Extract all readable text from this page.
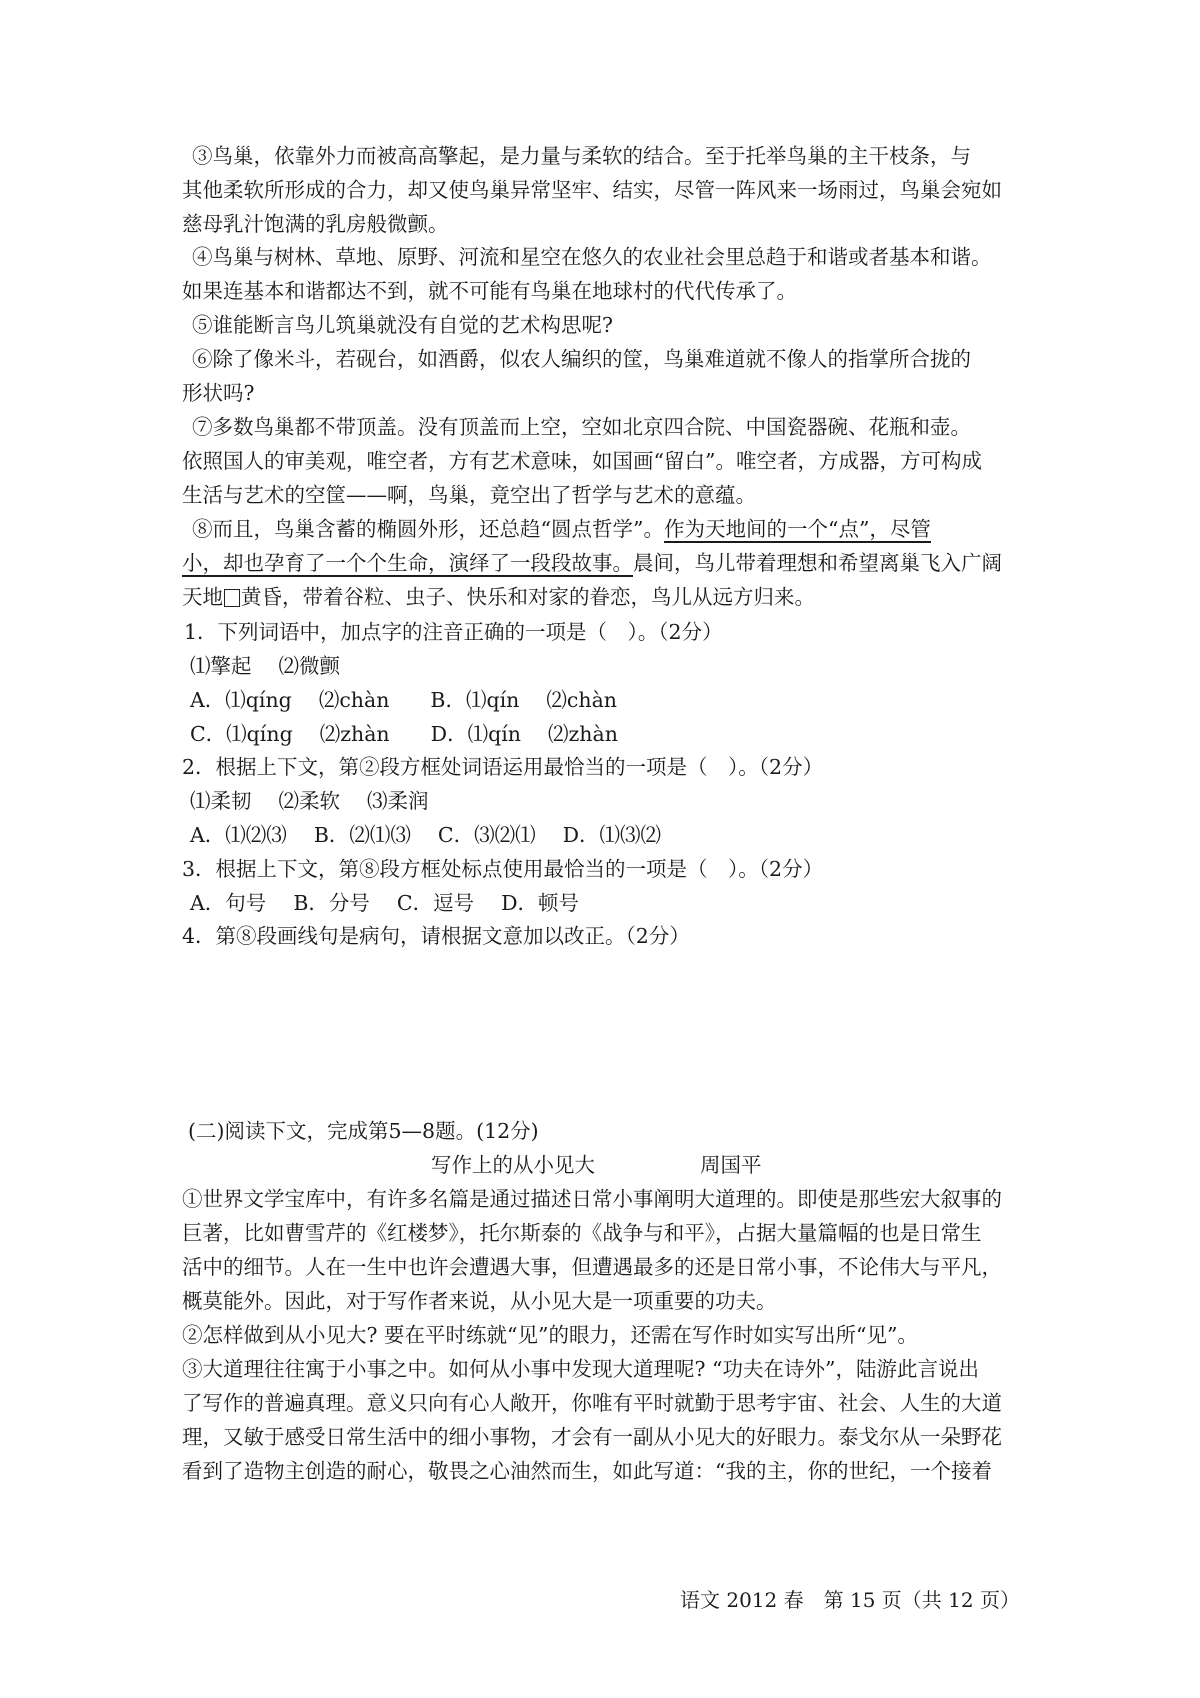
③鸟巢，依靠外力而被高高擎起，是力量与柔软的结合。至于托举鸟巢的主干枝条，与
其他柔软所形成的合力，却又使鸟巢异常坚牢、结实，尽管一阵风来一场雨过，鸟巢会宛如
慈母乳汁饱满的乳房般微颤。
④鸟巢与树林、草地、原野、河流和星空在悠久的农业社会里总趋于和谐或者基本和谐。
如果连基本和谐都达不到，就不可能有鸟巢在地球村的代代传承了。
⑤谁能断言鸟儿筑巢就没有自觉的艺术构思呢?
⑥除了像米斗，若砚台，如酒爵，似农人编织的筐，鸟巢难道就不像人的指掌所合拢的
形状吗?
⑦多数鸟巢都不带顶盖。没有顶盖而上空，空如北京四合院、中国瓷器碗、花瓶和壶。
依照国人的审美观，唯空者，方有艺术意味，如国画“留白”。唯空者，方成器，方可构成
生活与艺术的空筐——啊，鸟巢，竟空出了哲学与艺术的意蕴。
⑧而且，鸟巢含蓄的椭圆外形，还总趋“圆点哲学”。作为天地间的一个“点”，尽管
小，却也孕育了一个个生命，演绎了一段段故事。晨间，鸟儿带着理想和希望离巢飞入广阔
天地 黄昏，带着谷粒、虫子、快乐和对家的眷恋，鸟儿从远方归来。
1．下列词语中，加点字的注音正确的一项是（　）。（2分）
⑴擎起　 ⑵微颤
A．⑴qíng　 ⑵chàn　　B．⑴qín　 ⑵chàn
C．⑴qíng　 ⑵zhàn　　D．⑴qín　 ⑵zhàn
2．根据上下文，第②段方框处词语运用最恰当的一项是（　）。（2分）
⑴柔韧　 ⑵柔软　 ⑶柔润
A．⑴⑵⑶　 B．⑵⑴⑶　 C．⑶⑵⑴　 D．⑴⑶⑵
3．根据上下文，第⑧段方框处标点使用最恰当的一项是（　）。（2分）
A．句号　 B．分号　 C．逗号　 D．顿号
4．第⑧段画线句是病句，请根据文意加以改正。（2分）
(二)阅读下文，完成第5—8题。(12分)
写作上的从小见大	周国平
①世界文学宝库中，有许多名篇是通过描述日常小事阐明大道理的。即使是那些宏大叙事的
巨著，比如曹雪芹的《红楼梦》，托尔斯泰的《战争与和平》，占据大量篇幅的也是日常生
活中的细节。人在一生中也许会遭遇大事，但遭遇最多的还是日常小事，不论伟大与平凡，
概莫能外。因此，对于写作者来说，从小见大是一项重要的功夫。
②怎样做到从小见大? 要在平时练就“见”的眼力，还需在写作时如实写出所“见”。
③大道理往往寓于小事之中。如何从小事中发现大道理呢? “功夫在诗外”，陆游此言说出
了写作的普遍真理。意义只向有心人敞开，你唯有平时就勤于思考宇宙、社会、人生的大道
理，又敏于感受日常生活中的细小事物，才会有一副从小见大的好眼力。泰戈尔从一朵野花
看到了造物主创造的耐心，敬畏之心油然而生，如此写道：“我的主，你的世纪，一个接着
语文 2012 春　第 15 页（共 12 页）
